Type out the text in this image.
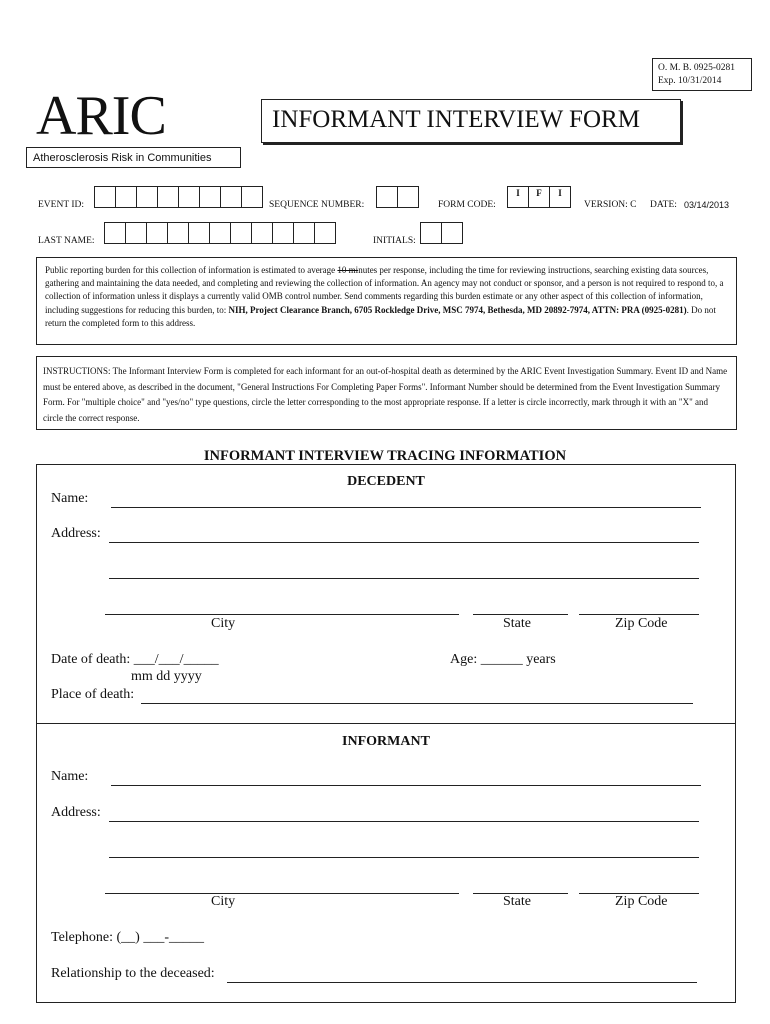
O. M. B. 0925-0281
Exp. 10/31/2014
ARIC
Atherosclerosis Risk in Communities
INFORMANT INTERVIEW FORM
EVENT ID:	SEQUENCE NUMBER:	FORM CODE:
I	F	I
VERSION: C DATE: 03/14/2013
LAST NAME:	INITIALS:
Public reporting burden for this collection of information is estimated to average 10 minutes per response, including the time for reviewing instructions, searching existing data sources, gathering and maintaining the data needed, and completing and reviewing the collection of information. An agency may not conduct or sponsor, and a person is not required to respond to, a collection of information unless it displays a currently valid OMB control number. Send comments regarding this burden estimate or any other aspect of this collection of information, including suggestions for reducing this burden, to: NIH, Project Clearance Branch, 6705 Rockledge Drive, MSC 7974, Bethesda, MD 20892-7974, ATTN: PRA (0925-0281). Do not return the completed form to this address.
INSTRUCTIONS: The Informant Interview Form is completed for each informant for an out-of-hospital death as determined by the ARIC Event Investigation Summary. Event ID and Name must be entered above, as described in the document, "General Instructions For Completing Paper Forms". Informant Number should be determined from the Event Investigation Summary Form. For "multiple choice" and "yes/no" type questions, circle the letter corresponding to the most appropriate response. If a letter is circle incorrectly, mark through it with an "X" and circle the correct response.
INFORMANT INTERVIEW TRACING INFORMATION
DECEDENT
Name:
Address:
City	State	Zip Code
Date of death: ___/___/_____
mm dd yyyy
Age: ______ years
Place of death:
INFORMANT
Name:
Address:
City	State	Zip Code
Telephone: (__) ___-_____
Relationship to the deceased:
